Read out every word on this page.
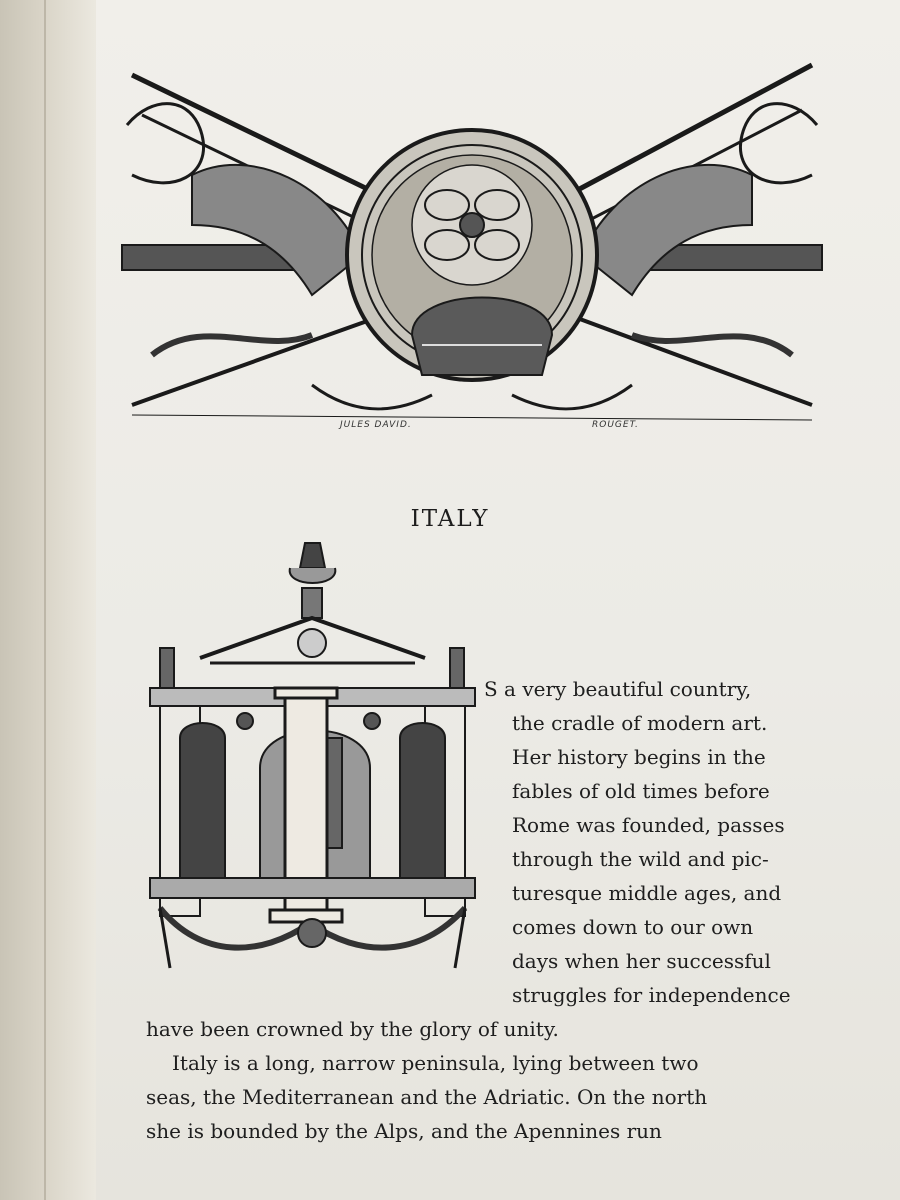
JULES DAVID.	ROUGET.
ITALY
S a very beautiful country,
the cradle of modern art.
Her history begins in the
fables of old times before
Rome was founded, passes
through the wild and pic-
turesque middle ages, and
comes down to our own
days when her successful
struggles for independence
have been crowned by the glory of unity.
Italy is a long, narrow peninsula, lying between two
seas, the Mediterranean and the Adriatic. On the north
she is bounded by the Alps, and the Apennines run
